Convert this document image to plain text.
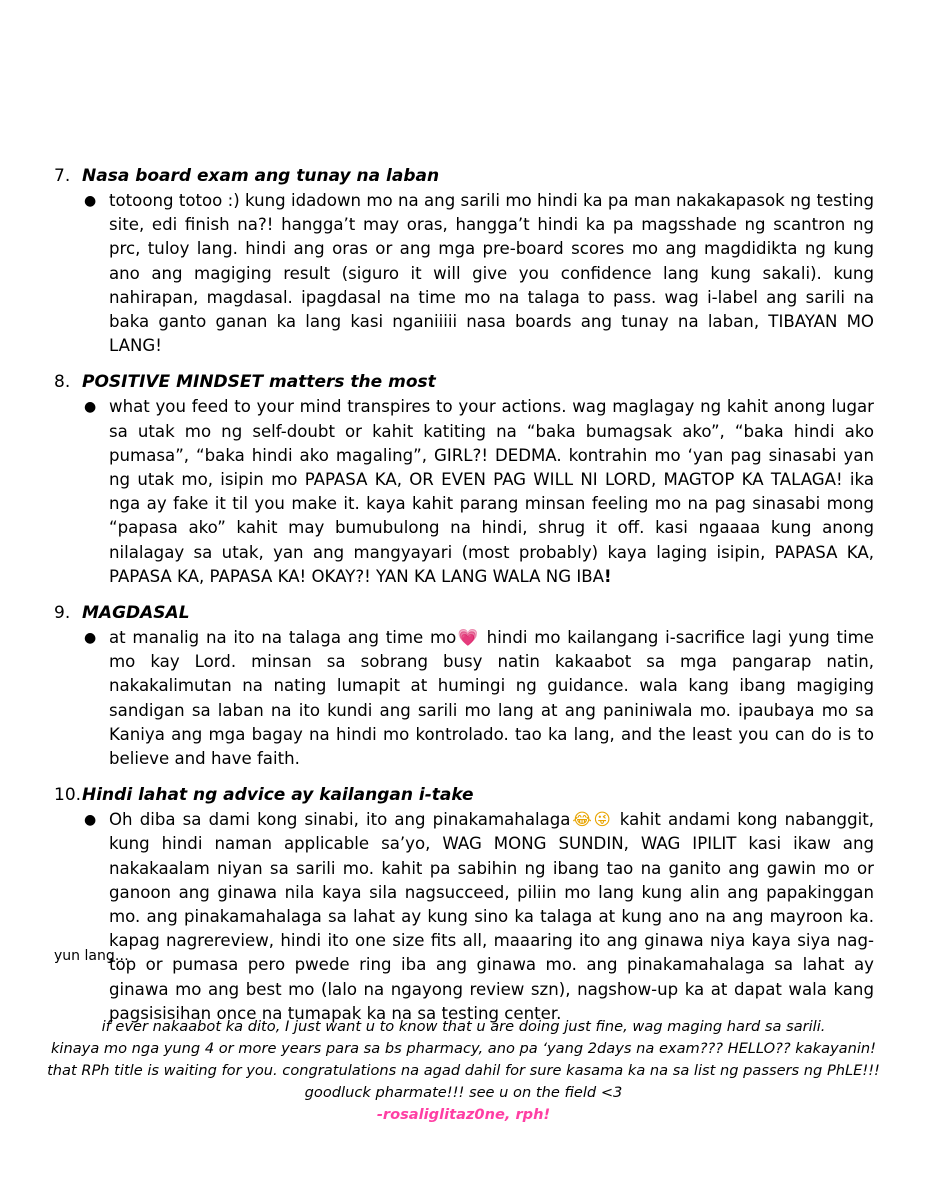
7. Nasa board exam ang tunay na laban
● totoong totoo :) kung idadown mo na ang sarili mo hindi ka pa man nakakapasok ng testing site, edi finish na?! hangga’t may oras, hangga’t hindi ka pa magsshade ng scantron ng prc, tuloy lang. hindi ang oras or ang mga pre-board scores mo ang magdidikta ng kung ano ang magiging result (siguro it will give you confidence lang kung sakali). kung nahirapan, magdasal. ipagdasal na time mo na talaga to pass. wag i-label ang sarili na baka ganto ganan ka lang kasi nganiiiii nasa boards ang tunay na laban, TIBAYAN MO LANG!
8. POSITIVE MINDSET matters the most
● what you feed to your mind transpires to your actions. wag maglagay ng kahit anong lugar sa utak mo ng self-doubt or kahit katiting na “baka bumagsak ako”, “baka hindi ako pumasa”, “baka hindi ako magaling”, GIRL?! DEDMA. kontrahin mo ‘yan pag sinasabi yan ng utak mo, isipin mo PAPASA KA, OR EVEN PAG WILL NI LORD, MAGTOP KA TALAGA! ika nga ay fake it til you make it. kaya kahit parang minsan feeling mo na pag sinasabi mong “papasa ako” kahit may bumubulong na hindi, shrug it off. kasi ngaaaa kung anong nilalagay sa utak, yan ang mangyayari (most probably) kaya laging isipin, PAPASA KA, PAPASA KA, PAPASA KA! OKAY?! YAN KA LANG WALA NG IBA!
9. MAGDASAL
● at manalig na ito na talaga ang time mo💗 hindi mo kailangang i-sacrifice lagi yung time mo kay Lord. minsan sa sobrang busy natin kakaabot sa mga pangarap natin, nakakalimutan na nating lumapit at humingi ng guidance. wala kang ibang magiging sandigan sa laban na ito kundi ang sarili mo lang at ang paniniwala mo. ipaubaya mo sa Kaniya ang mga bagay na hindi mo kontrolado. tao ka lang, and the least you can do is to believe and have faith.
10. Hindi lahat ng advice ay kailangan i-take
● Oh diba sa dami kong sinabi, ito ang pinakamahalaga😂😜 kahit andami kong nabanggit, kung hindi naman applicable sa’yo, WAG MONG SUNDIN, WAG IPILIT kasi ikaw ang nakakaalam niyan sa sarili mo. kahit pa sabihin ng ibang tao na ganito ang gawin mo or ganoon ang ginawa nila kaya sila nagsucceed, piliin mo lang kung alin ang papakinggan mo. ang pinakamahalaga sa lahat ay kung sino ka talaga at kung ano na ang mayroon ka. kapag nagrereview, hindi ito one size fits all, maaaring ito ang ginawa niya kaya siya nag-top or pumasa pero pwede ring iba ang ginawa mo. ang pinakamahalaga sa lahat ay ginawa mo ang best mo (lalo na ngayong review szn), nagshow-up ka at dapat wala kang pagsisisihan once na tumapak ka na sa testing center.
yun lang…
if ever nakaabot ka dito, I just want u to know that u are doing just fine, wag maging hard sa sarili.
kinaya mo nga yung 4 or more years para sa bs pharmacy, ano pa ‘yang 2days na exam??? HELLO?? kakayanin!
that RPh title is waiting for you. congratulations na agad dahil for sure kasama ka na sa list ng passers ng PhLE!!!
goodluck pharmate!!! see u on the field <3
-rosaliglitaz0ne, rph!
